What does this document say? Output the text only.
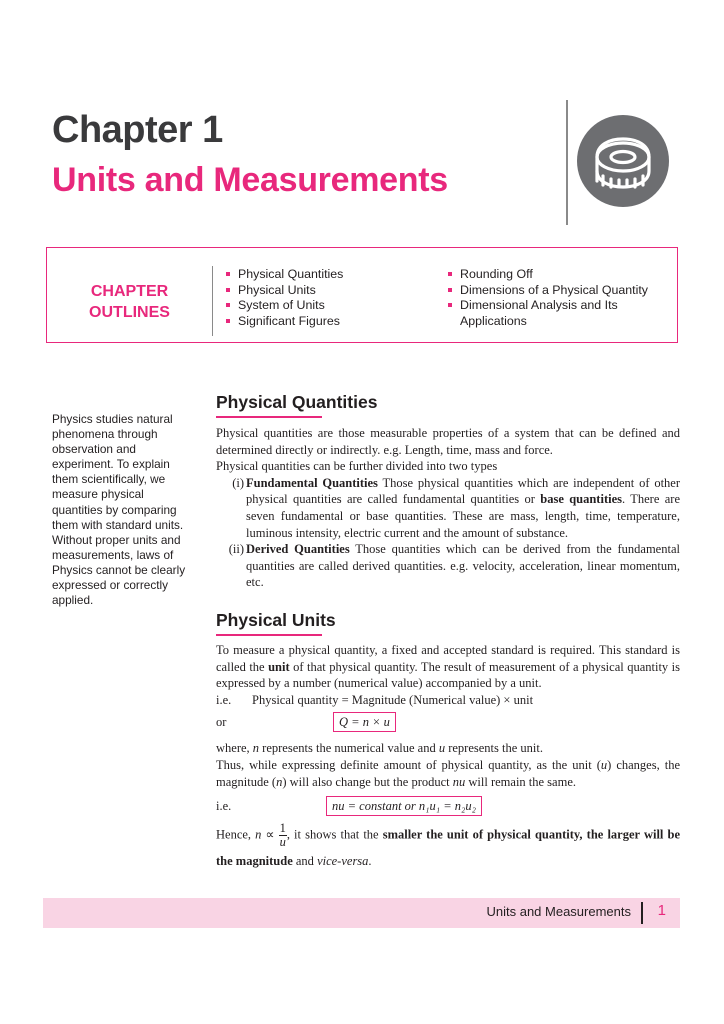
Chapter 1
Units and Measurements
CHAPTER
OUTLINES
Physical Quantities
Physical Units
System of Units
Significant Figures
Rounding Off
Dimensions of a Physical Quantity
Dimensional Analysis and Its
Applications

Physics studies natural phenomena through observation and experiment. To explain them scientifically, we measure physical quantities by comparing them with standard units.

Without proper units and measurements, laws of Physics cannot be clearly expressed or correctly applied.

Physical Quantities

Physical quantities are those measurable properties of a system that can be defined and determined directly or indirectly. e.g. Length, time, mass and force.

Physical quantities can be further divided into two types

(i) Fundamental Quantities Those physical quantities which are independent of other physical quantities are called fundamental quantities or base quantities. There are seven fundamental or base quantities. These are mass, length, time, temperature, luminous intensity, electric current and the amount of substance.
(ii) Derived Quantities Those quantities which can be derived from the fundamental quantities are called derived quantities. e.g. velocity, acceleration, linear momentum, etc.
Physical Units

To measure a physical quantity, a fixed and accepted standard is required. This standard is called the unit of that physical quantity. The result of measurement of a physical quantity is expressed by a number (numerical value) accompanied by a unit.

i.e. Physical quantity = Magnitude (Numerical value) × unit

or	Q = n × u

where, n represents the numerical value and u represents the unit.

Thus, while expressing definite amount of physical quantity, as the unit (u) changes, the magnitude (n) will also change but the product nu will remain the same.

i.e.	nu = constant or n₁u₁ = n₂u₂

Hence, $n \propto \frac{1}{u}$ , it shows that the smaller the unit of physical quantity, the larger will be the magnitude and vice-versa.

Units and Measurements 1
